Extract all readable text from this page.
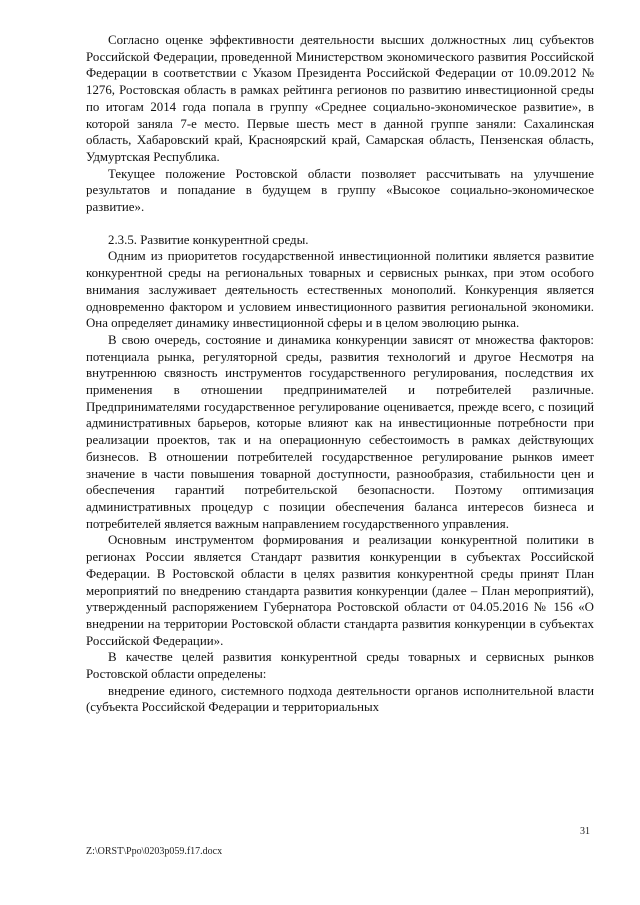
Согласно оценке эффективности деятельности высших должностных лиц субъектов Российской Федерации, проведенной Министерством экономического развития Российской Федерации в соответствии с Указом Президента Российской Федерации от 10.09.2012 № 1276, Ростовская область в рамках рейтинга регионов по развитию инвестиционной среды по итогам 2014 года попала в группу «Среднее социально-экономическое развитие», в которой заняла 7-е место. Первые шесть мест в данной группе заняли: Сахалинская область, Хабаровский край, Красноярский край, Самарская область, Пензенская область, Удмуртская Республика.

Текущее положение Ростовской области позволяет рассчитывать на улучшение результатов и попадание в будущем в группу «Высокое социально-экономическое развитие».

2.3.5. Развитие конкурентной среды.

Одним из приоритетов государственной инвестиционной политики является развитие конкурентной среды на региональных товарных и сервисных рынках, при этом особого внимания заслуживает деятельность естественных монополий. Конкуренция является одновременно фактором и условием инвестиционного развития региональной экономики. Она определяет динамику инвестиционной сферы и в целом эволюцию рынка.

В свою очередь, состояние и динамика конкуренции зависят от множества факторов: потенциала рынка, регуляторной среды, развития технологий и другое Несмотря на внутреннюю связность инструментов государственного регулирования, последствия их применения в отношении предпринимателей и потребителей различные. Предпринимателями государственное регулирование оценивается, прежде всего, с позиций административных барьеров, которые влияют как на инвестиционные потребности при реализации проектов, так и на операционную себестоимость в рамках действующих бизнесов. В отношении потребителей государственное регулирование рынков имеет значение в части повышения товарной доступности, разнообразия, стабильности цен и обеспечения гарантий потребительской безопасности. Поэтому оптимизация административных процедур с позиции обеспечения баланса интересов бизнеса и потребителей является важным направлением государственного управления.

Основным инструментом формирования и реализации конкурентной политики в регионах России является Стандарт развития конкуренции в субъектах Российской Федерации. В Ростовской области в целях развития конкурентной среды принят План мероприятий по внедрению стандарта развития конкуренции (далее – План мероприятий), утвержденный распоряжением Губернатора Ростовской области от 04.05.2016 № 156 «О внедрении на территории Ростовской области стандарта развития конкуренции в субъектах Российской Федерации».

В качестве целей развития конкурентной среды товарных и сервисных рынков Ростовской области определены:

внедрение единого, системного подхода деятельности органов исполнительной власти (субъекта Российской Федерации и территориальных

31
Z:\ORST\Ppo\0203p059.f17.docx
